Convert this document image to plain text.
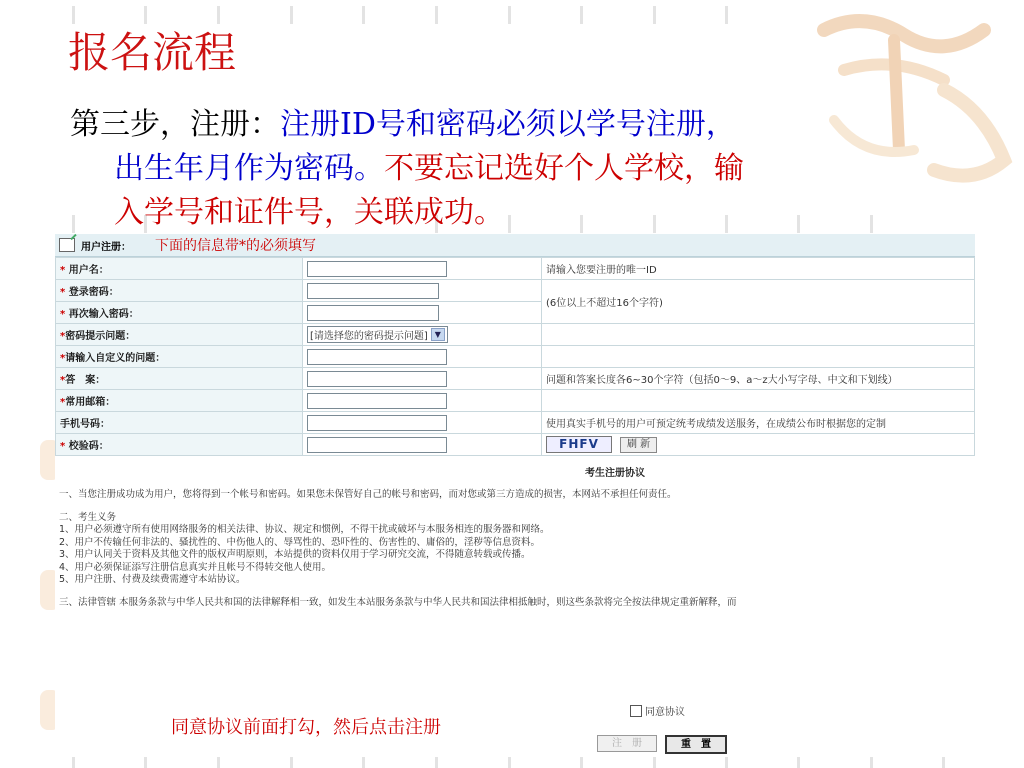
报名流程
第三步，注册：注册ID号和密码必须以学号注册，
出生年月作为密码。不要忘记选好个人学校，输
入学号和证件号，关联成功。
用户注册： 下面的信息带*的必须填写
* 用户名：		请输入您要注册的唯一ID
* 登录密码：		(6位以上不超过16个字符)
* 再次输入密码：		
*密码提示问题：	[请选择您的密码提示问题] ▼	

*请输入自定义的问题：		
*答　案：		问题和答案长度各6~30个字符（包括0～9、a～z大小写字母、中文和下划线）
*常用邮箱：		
手机号码：		使用真实手机号的用户可预定统考成绩发送服务，在成绩公布时根据您的定制
* 校验码：		FHFV 刷 新
考生注册协议

一、当您注册成功成为用户，您将得到一个帐号和密码。如果您未保管好自己的帐号和密码，而对您或第三方造成的损害，本网站不承担任何责任。

二、考生义务

1、用户必须遵守所有使用网络服务的相关法律、协议、规定和惯例，不得干扰或破坏与本服务相连的服务器和网络。

2、用户不传输任何非法的、骚扰性的、中伤他人的、辱骂性的、恐吓性的、伤害性的、庸俗的，淫秽等信息资料。

3、用户认同关于资料及其他文件的版权声明原则，本站提供的资料仅用于学习研究交流，不得随意转载或传播。

4、用户必须保证添写注册信息真实并且帐号不得转交他人使用。

5、用户注册、付费及续费需遵守本站协议。

三、法律管辖 本服务条款与中华人民共和国的法律解释相一致，如发生本站服务条款与中华人民共和国法律相抵触时，则这些条款将完全按法律规定重新解释，而

同意协议
注　册	重　置
同意协议前面打勾，然后点击注册
